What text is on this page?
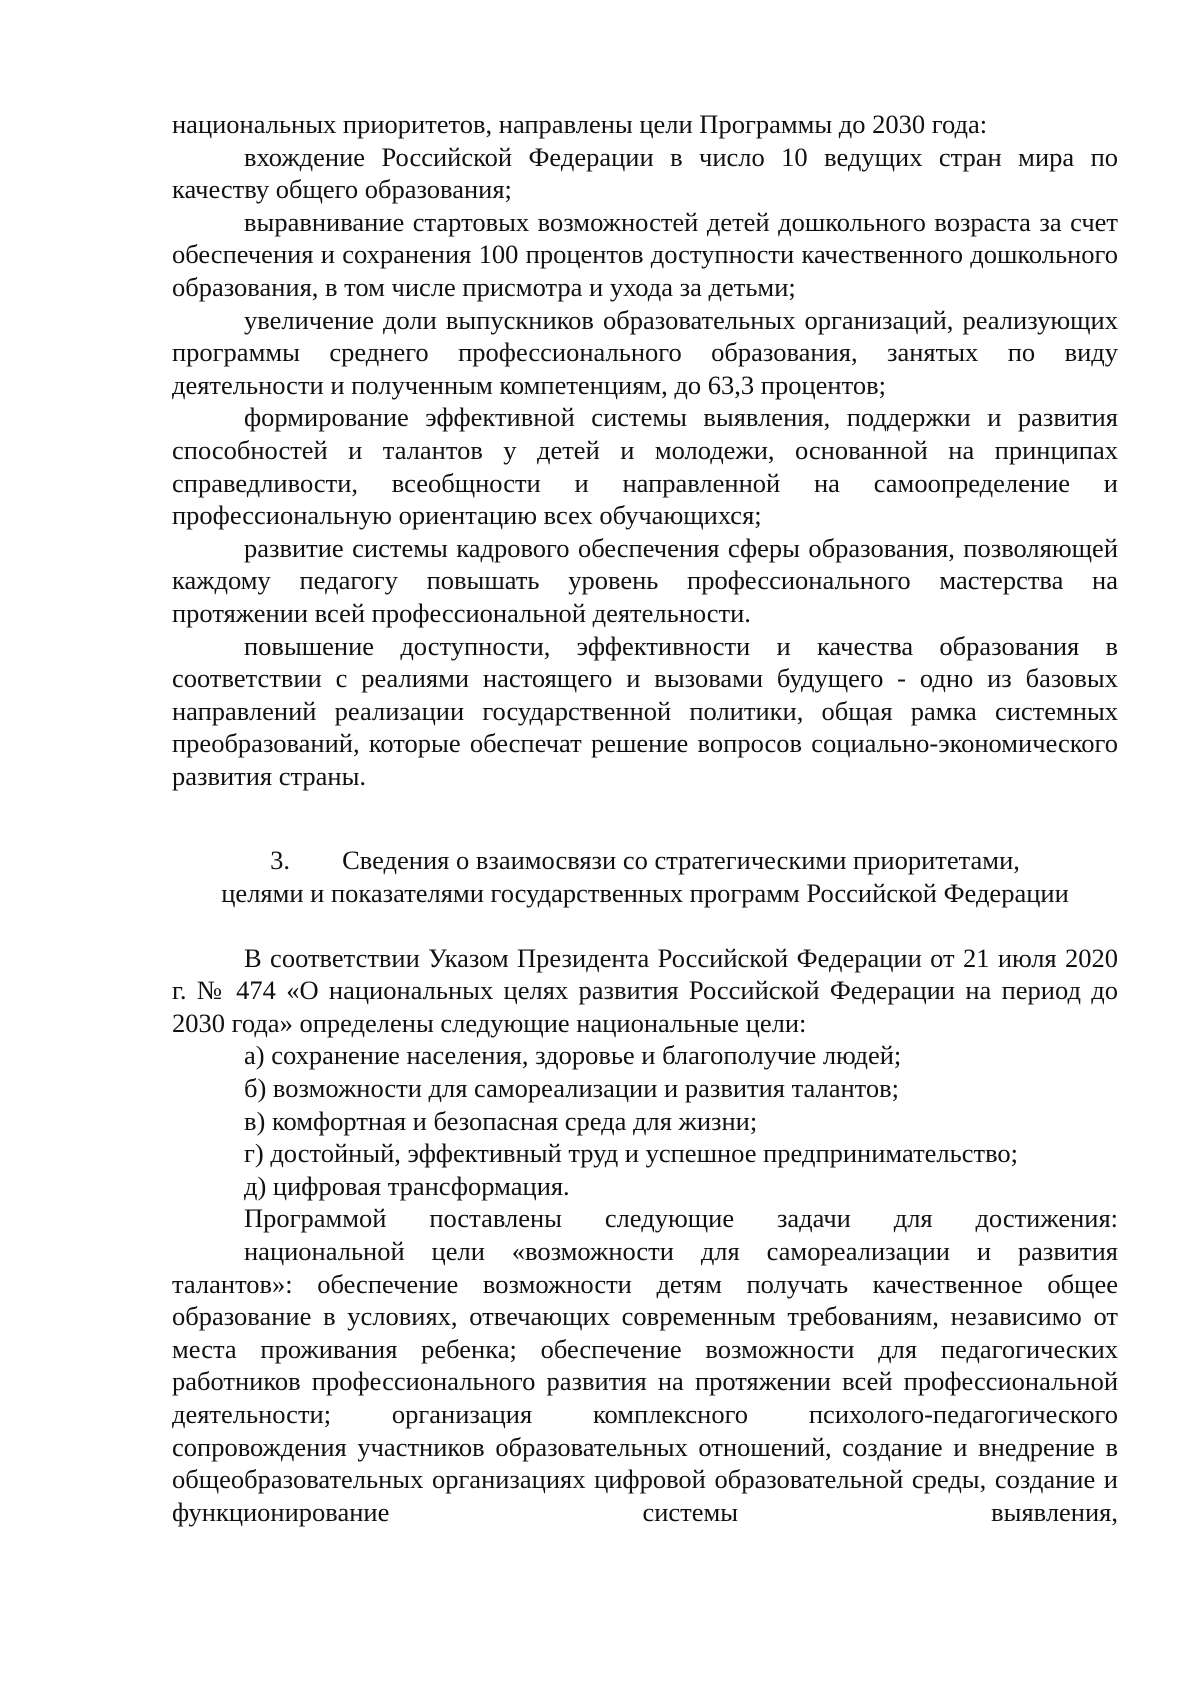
национальных приоритетов, направлены цели Программы до 2030 года:

вхождение Российской Федерации в число 10 ведущих стран мира по качеству общего образования;

выравнивание стартовых возможностей детей дошкольного возраста за счет обеспечения и сохранения 100 процентов доступности качественного дошкольного образования, в том числе присмотра и ухода за детьми;

увеличение доли выпускников образовательных организаций, реализующих программы среднего профессионального образования, занятых по виду деятельности и полученным компетенциям, до 63,3 процентов;

формирование эффективной системы выявления, поддержки и развития способностей и талантов у детей и молодежи, основанной на принципах справедливости, всеобщности и направленной на самоопределение и профессиональную ориентацию всех обучающихся;

развитие системы кадрового обеспечения сферы образования, позволяющей каждому педагогу повышать уровень профессионального мастерства на протяжении всей профессиональной деятельности.

повышение доступности, эффективности и качества образования в соответствии с реалиями настоящего и вызовами будущего - одно из базовых направлений реализации государственной политики, общая рамка системных преобразований, которые обеспечат решение вопросов социально-экономического развития страны.

3. Сведения о взаимосвязи со стратегическими приоритетами,
целями и показателями государственных программ Российской Федерации

В соответствии Указом Президента Российской Федерации от 21 июля 2020 г. № 474 «О национальных целях развития Российской Федерации на период до 2030 года» определены следующие национальные цели:

а) сохранение населения, здоровье и благополучие людей;

б) возможности для самореализации и развития талантов;

в) комфортная и безопасная среда для жизни;

г) достойный, эффективный труд и успешное предпринимательство;

д) цифровая трансформация.

Программой поставлены следующие задачи для достижения:

национальной цели «возможности для самореализации и развития талантов»: обеспечение возможности детям получать качественное общее образование в условиях, отвечающих современным требованиям, независимо от места проживания ребенка; обеспечение возможности для педагогических работников профессионального развития на протяжении всей профессиональной деятельности; организация комплексного психолого-педагогического сопровождения участников образовательных отношений, создание и внедрение в общеобразовательных организациях цифровой образовательной среды, создание и функционирование системы выявления,
